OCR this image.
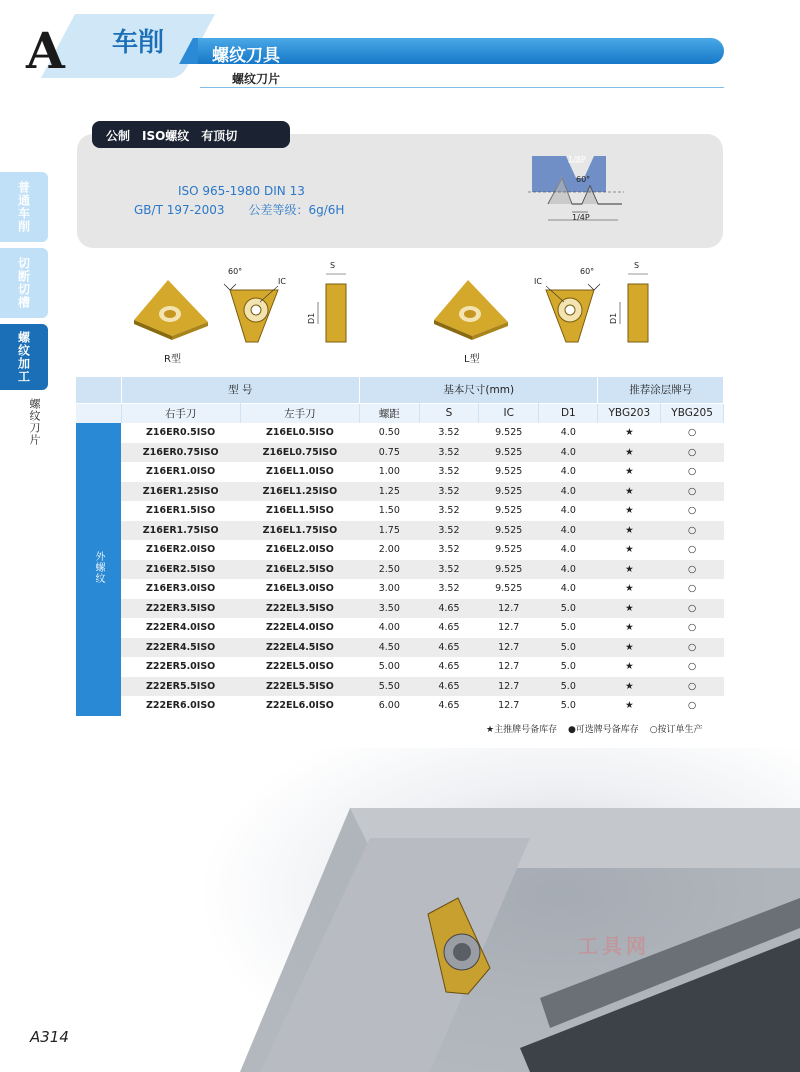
A 车削	螺纹刀具
螺纹刀片
普通车削
切断切槽
螺纹加工
螺纹刀片
公制　ISO螺纹　有顶切
ISO 965-1980 DIN 13
GB/T 197-2003 公差等级：6g/6H
1/8P
60°
1/4P
R型
60°
IC
S
D1
L型
60°
IC
S
D1
	型 号		基本尺寸(mm)				推荐涂层牌号	
	右手刀	左手刀	螺距	S	IC	D1	YBG203	YBG205
外螺纹	Z16ER0.5ISO	Z16EL0.5ISO	0.50	3.52	9.525	4.0	★	○
	Z16ER0.75ISO	Z16EL0.75ISO	0.75	3.52	9.525	4.0	★	○
	Z16ER1.0ISO	Z16EL1.0ISO	1.00	3.52	9.525	4.0	★	○
	Z16ER1.25ISO	Z16EL1.25ISO	1.25	3.52	9.525	4.0	★	○
	Z16ER1.5ISO	Z16EL1.5ISO	1.50	3.52	9.525	4.0	★	○
	Z16ER1.75ISO	Z16EL1.75ISO	1.75	3.52	9.525	4.0	★	○
	Z16ER2.0ISO	Z16EL2.0ISO	2.00	3.52	9.525	4.0	★	○
	Z16ER2.5ISO	Z16EL2.5ISO	2.50	3.52	9.525	4.0	★	○
	Z16ER3.0ISO	Z16EL3.0ISO	3.00	3.52	9.525	4.0	★	○
	Z22ER3.5ISO	Z22EL3.5ISO	3.50	4.65	12.7	5.0	★	○
	Z22ER4.0ISO	Z22EL4.0ISO	4.00	4.65	12.7	5.0	★	○
	Z22ER4.5ISO	Z22EL4.5ISO	4.50	4.65	12.7	5.0	★	○
	Z22ER5.0ISO	Z22EL5.0ISO	5.00	4.65	12.7	5.0	★	○
	Z22ER5.5ISO	Z22EL5.5ISO	5.50	4.65	12.7	5.0	★	○
	Z22ER6.0ISO	Z22EL6.0ISO	6.00	4.65	12.7	5.0	★	○
★主推牌号备库存 ●可选牌号备库存 ○按订单生产
工具网
A314
